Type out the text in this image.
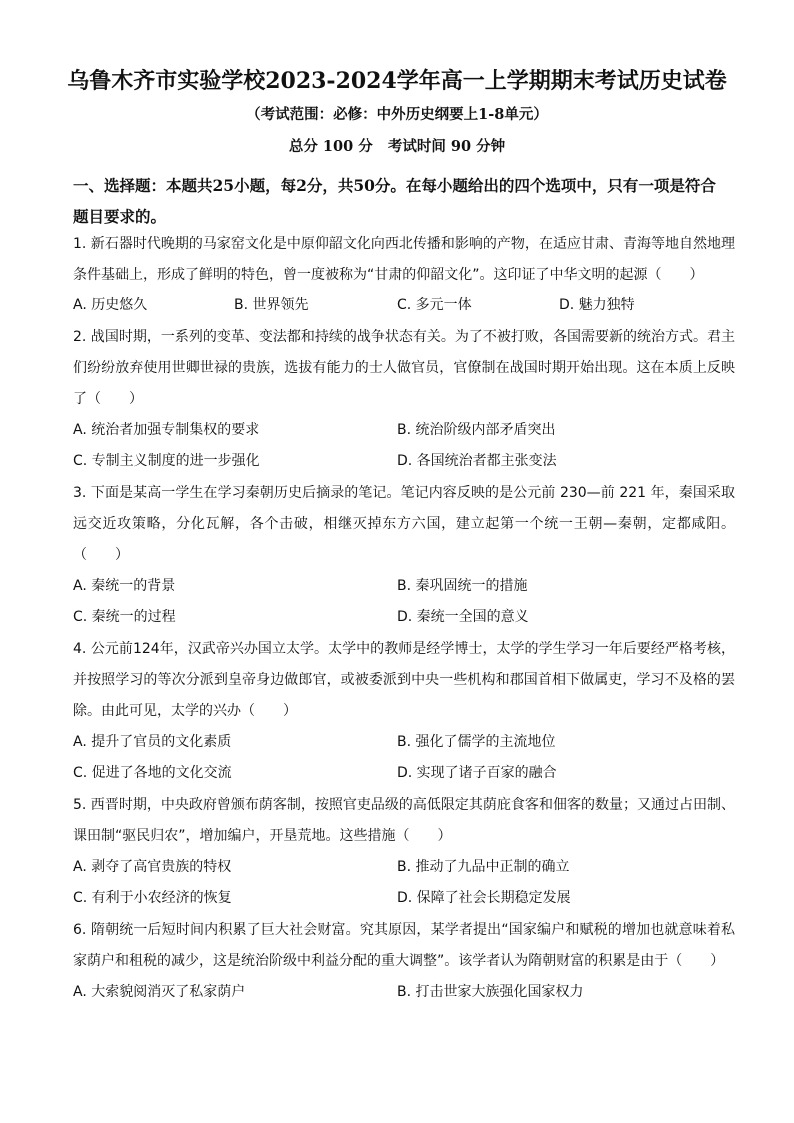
乌鲁木齐市实验学校2023-2024学年高一上学期期末考试历史试卷
（考试范围：必修：中外历史纲要上1-8单元）
总分 100 分   考试时间 90 分钟
一、选择题：本题共25小题，每2分，共50分。在每小题给出的四个选项中，只有一项是符合题目要求的。
1. 新石器时代晚期的马家窑文化是中原仰韶文化向西北传播和影响的产物，在适应甘肃、青海等地自然地理条件基础上，形成了鲜明的特色，曾一度被称为“甘肃的仰韶文化”。这印证了中华文明的起源（　　）
A. 历史悠久	B. 世界领先	C. 多元一体	D. 魅力独特
2. 战国时期，一系列的变革、变法都和持续的战争状态有关。为了不被打败，各国需要新的统治方式。君主们纷纷放弃使用世卿世禄的贵族，选拔有能力的士人做官员，官僚制在战国时期开始出现。这在本质上反映了（　　）
A. 统治者加强专制集权的要求	B. 统治阶级内部矛盾突出
C. 专制主义制度的进一步强化	D. 各国统治者都主张变法
3. 下面是某高一学生在学习秦朝历史后摘录的笔记。笔记内容反映的是公元前 230—前 221 年，秦国采取远交近攻策略，分化瓦解，各个击破，相继灭掉东方六国，建立起第一个统一王朝—秦朝，定都咸阳。（　　）
A. 秦统一的背景	B. 秦巩固统一的措施
C. 秦统一的过程	D. 秦统一全国的意义
4. 公元前124年，汉武帝兴办国立太学。太学中的教师是经学博士，太学的学生学习一年后要经严格考核，并按照学习的等次分派到皇帝身边做郎官，或被委派到中央一些机构和郡国首相下做属吏，学习不及格的罢除。由此可见，太学的兴办（　　）
A. 提升了官员的文化素质	B. 强化了儒学的主流地位
C. 促进了各地的文化交流	D. 实现了诸子百家的融合
5. 西晋时期，中央政府曾颁布荫客制，按照官吏品级的高低限定其荫庇食客和佃客的数量；又通过占田制、课田制“驱民归农”，增加编户，开垦荒地。这些措施（　　）
A. 剥夺了高官贵族的特权	B. 推动了九品中正制的确立
C. 有利于小农经济的恢复	D. 保障了社会长期稳定发展
6. 隋朝统一后短时间内积累了巨大社会财富。究其原因，某学者提出“国家编户和赋税的增加也就意味着私家荫户和租税的减少，这是统治阶级中利益分配的重大调整”。该学者认为隋朝财富的积累是由于（　　）
A. 大索貌阅消灭了私家荫户	B. 打击世家大族强化国家权力
